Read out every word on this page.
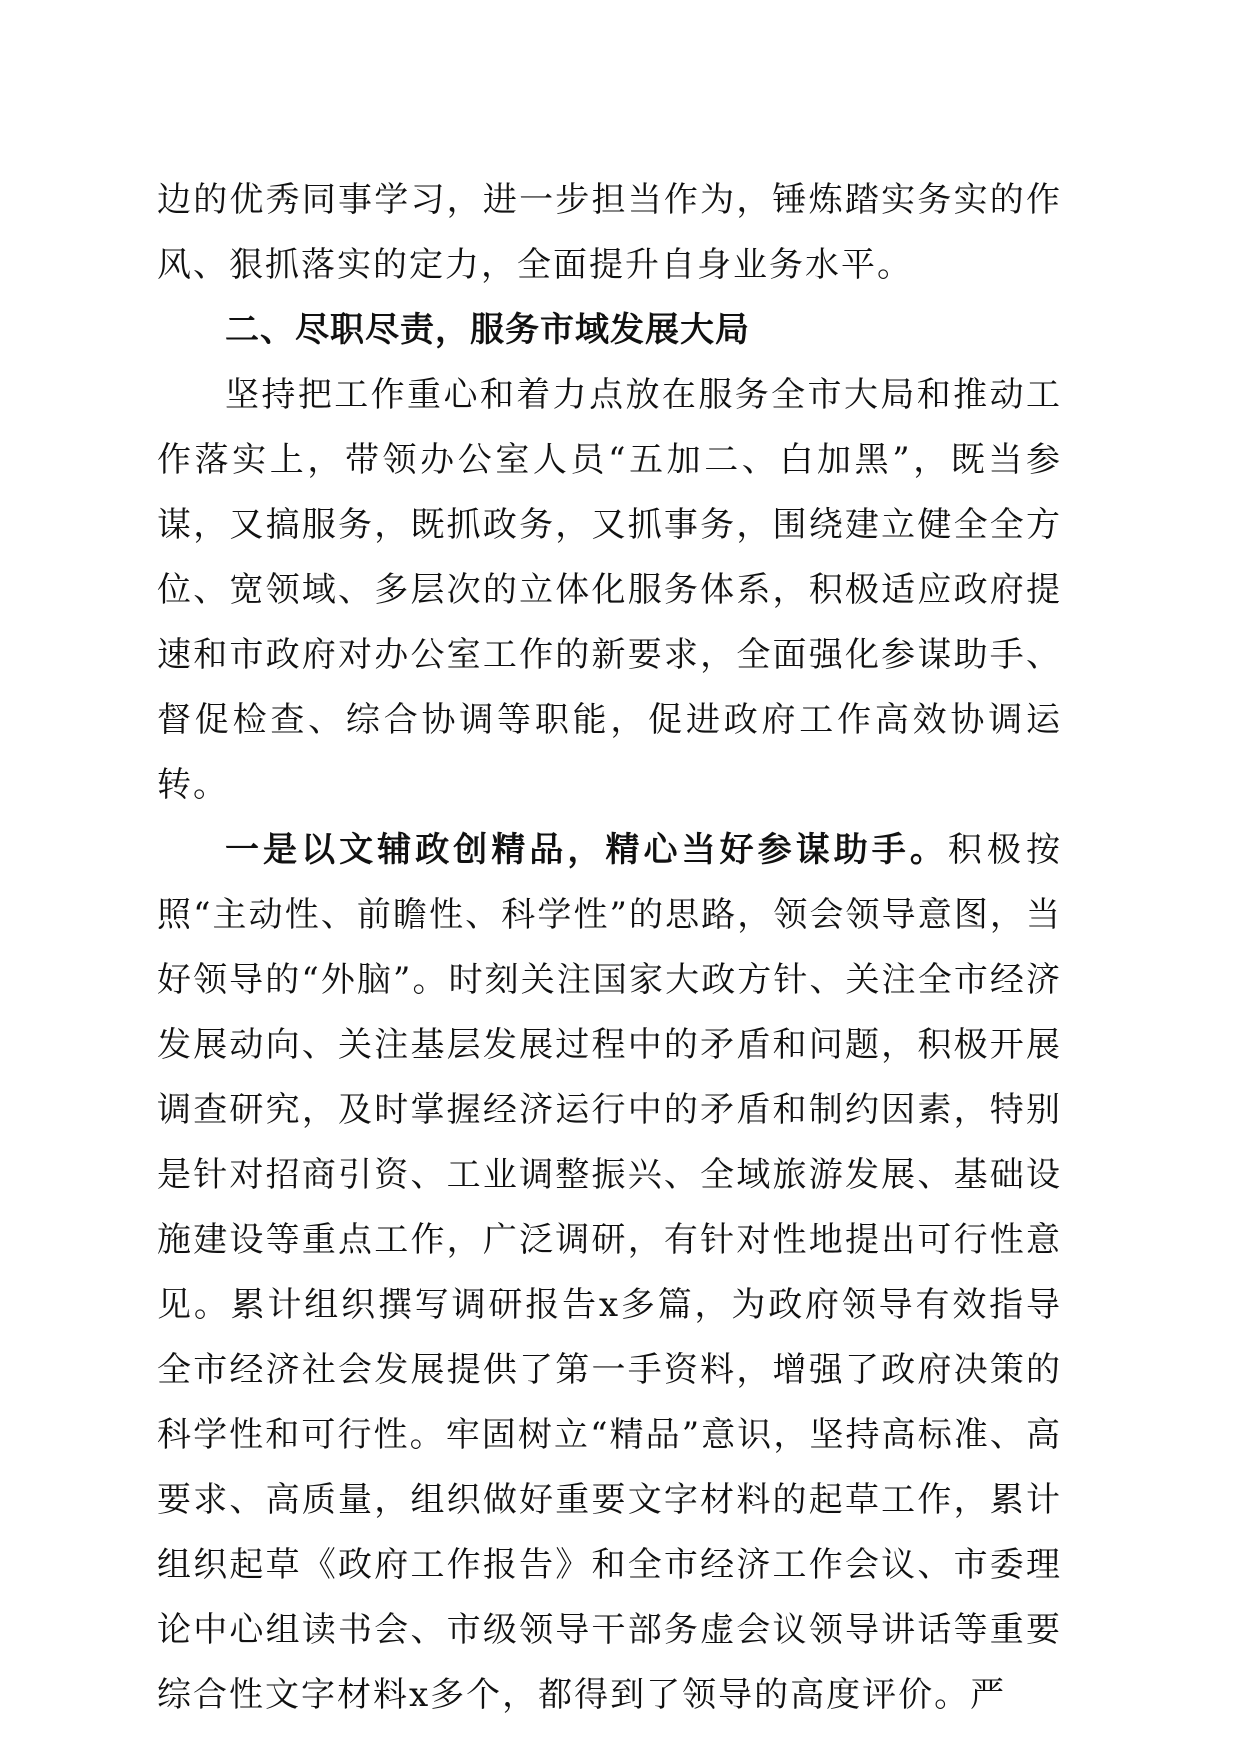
边的优秀同事学习，进一步担当作为，锤炼踏实务实的作风、狠抓落实的定力，全面提升自身业务水平。

二、尽职尽责，服务市域发展大局

坚持把工作重心和着力点放在服务全市大局和推动工作落实上，带领办公室人员“五加二、白加黑”，既当参谋，又搞服务，既抓政务，又抓事务，围绕建立健全全方位、宽领域、多层次的立体化服务体系，积极适应政府提速和市政府对办公室工作的新要求，全面强化参谋助手、督促检查、综合协调等职能，促进政府工作高效协调运转。

一是以文辅政创精品，精心当好参谋助手。积极按照“主动性、前瞻性、科学性”的思路，领会领导意图，当好领导的“外脑”。时刻关注国家大政方针、关注全市经济发展动向、关注基层发展过程中的矛盾和问题，积极开展调查研究，及时掌握经济运行中的矛盾和制约因素，特别是针对招商引资、工业调整振兴、全域旅游发展、基础设施建设等重点工作，广泛调研，有针对性地提出可行性意见。累计组织撰写调研报告x多篇，为政府领导有效指导全市经济社会发展提供了第一手资料，增强了政府决策的科学性和可行性。牢固树立“精品”意识，坚持高标准、高要求、高质量，组织做好重要文字材料的起草工作，累计组织起草《政府工作报告》和全市经济工作会议、市委理论中心组读书会、市级领导干部务虚会议领导讲话等重要综合性文字材料x多个，都得到了领导的高度评价。严
